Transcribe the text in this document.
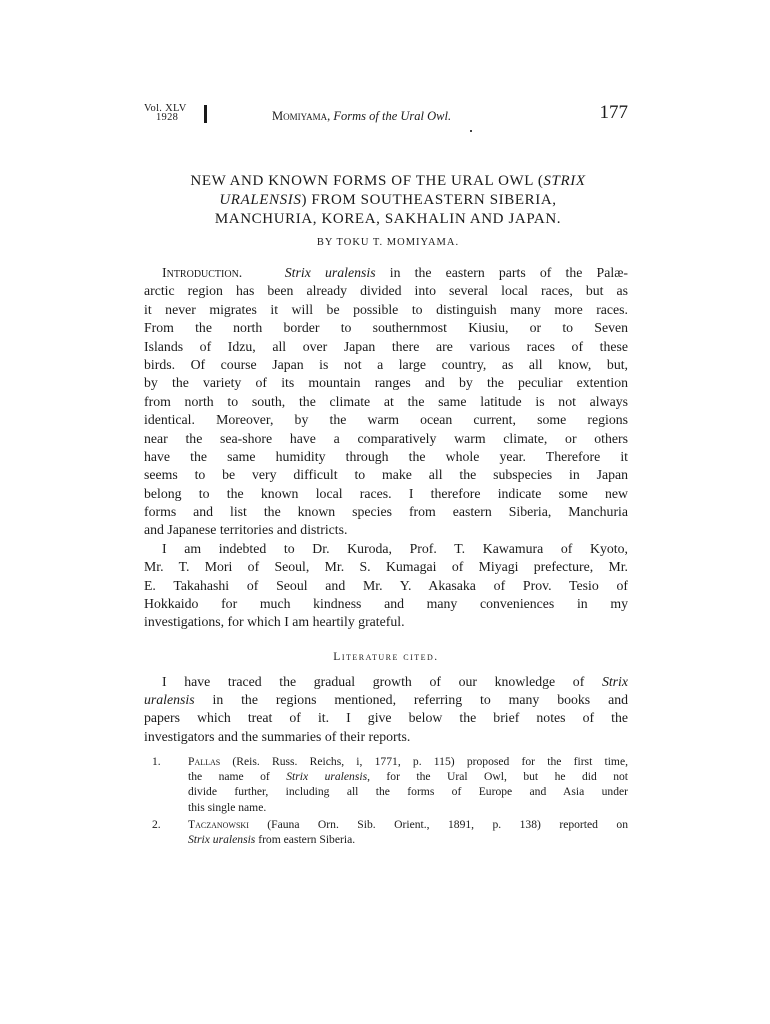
Vol. XLV
1928	Momiyama, Forms of the Ural Owl.	177
NEW AND KNOWN FORMS OF THE URAL OWL (STRIX
URALENSIS) FROM SOUTHEASTERN SIBERIA,
MANCHURIA, KOREA, SAKHALIN AND JAPAN.
BY TOKU T. MOMIYAMA.
Introduction.	Strix uralensis in the eastern parts of the Palæ-
arctic region has been already divided into several local races, but as
it never migrates it will be possible to distinguish many more races.
From the north border to southernmost Kiusiu, or to Seven
Islands of Idzu, all over Japan there are various races of these
birds. Of course Japan is not a large country, as all know, but,
by the variety of its mountain ranges and by the peculiar extention
from north to south, the climate at the same latitude is not always
identical. Moreover, by the warm ocean current, some regions
near the sea-shore have a comparatively warm climate, or others
have the same humidity through the whole year. Therefore it
seems to be very difficult to make all the subspecies in Japan
belong to the known local races. I therefore indicate some new
forms and list the known species from eastern Siberia, Manchuria
and Japanese territories and districts.
I am indebted to Dr. Kuroda, Prof. T. Kawamura of Kyoto,
Mr. T. Mori of Seoul, Mr. S. Kumagai of Miyagi prefecture, Mr.
E. Takahashi of Seoul and Mr. Y. Akasaka of Prov. Tesio of
Hokkaido for much kindness and many conveniences in my
investigations, for which I am heartily grateful.
Literature cited.
I have traced the gradual growth of our knowledge of Strix
uralensis in the regions mentioned, referring to many books and
papers which treat of it. I give below the brief notes of the
investigators and the summaries of their reports.
1. Pallas (Reis. Russ. Reichs, i, 1771, p. 115) proposed for the first time,
the name of Strix uralensis, for the Ural Owl, but he did not
divide further, including all the forms of Europe and Asia under
this single name.
2. Taczanowski (Fauna Orn. Sib. Orient., 1891, p. 138) reported on
Strix uralensis from eastern Siberia.
